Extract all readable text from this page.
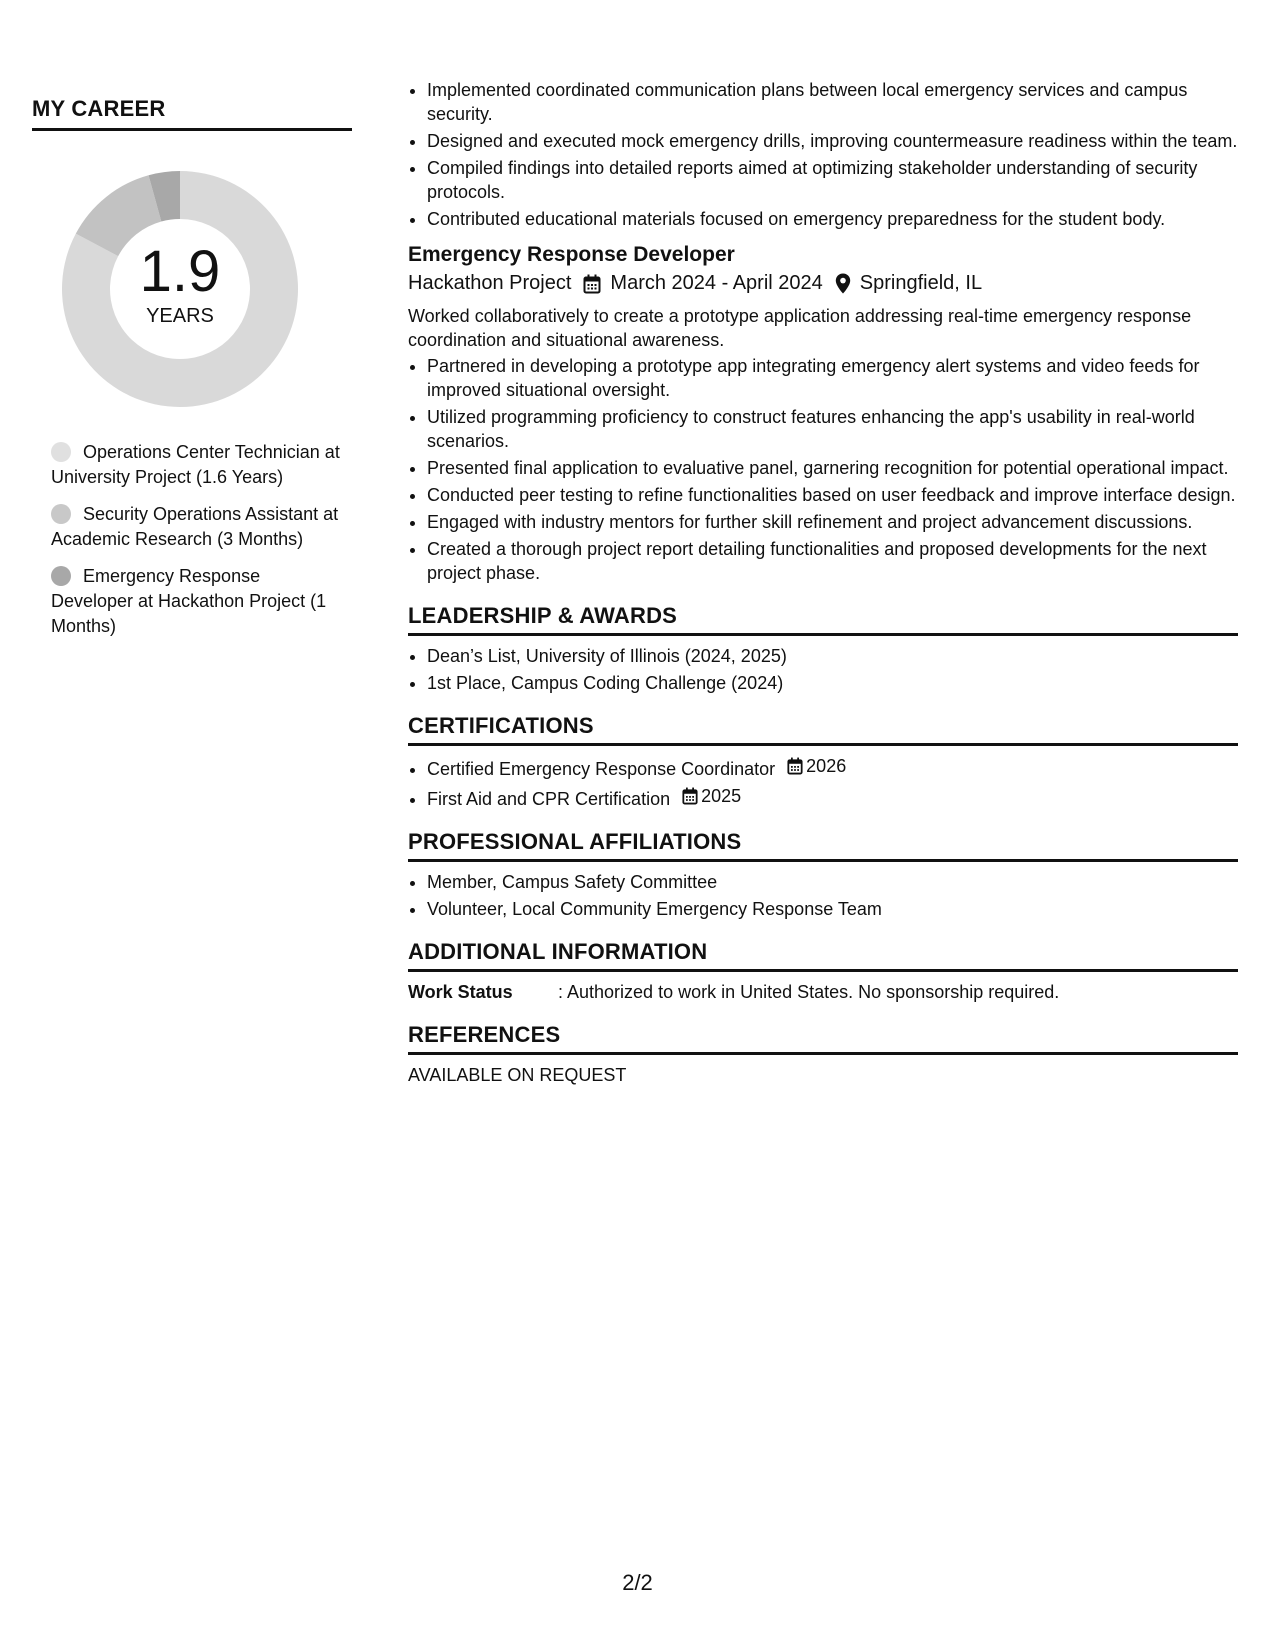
MY CAREER
1.9
YEARS
Operations Center Technician at University Project (1.6 Years)
Security Operations Assistant at Academic Research (3 Months)
Emergency Response Developer at Hackathon Project (1 Months)
• Implemented coordinated communication plans between local emergency services and campus security.
• Designed and executed mock emergency drills, improving countermeasure readiness within the team.
• Compiled findings into detailed reports aimed at optimizing stakeholder understanding of security protocols.
• Contributed educational materials focused on emergency preparedness for the student body.
Emergency Response Developer
Hackathon Project March 2024 - April 2024 Springfield, IL
Worked collaboratively to create a prototype application addressing real-time emergency response coordination and situational awareness.
• Partnered in developing a prototype app integrating emergency alert systems and video feeds for improved situational oversight.
• Utilized programming proficiency to construct features enhancing the app's usability in real-world scenarios.
• Presented final application to evaluative panel, garnering recognition for potential operational impact.
• Conducted peer testing to refine functionalities based on user feedback and improve interface design.
• Engaged with industry mentors for further skill refinement and project advancement discussions.
• Created a thorough project report detailing functionalities and proposed developments for the next project phase.
LEADERSHIP & AWARDS
• Dean’s List, University of Illinois (2024, 2025)
• 1st Place, Campus Coding Challenge (2024)
CERTIFICATIONS
• Certified Emergency Response Coordinator 2026
• First Aid and CPR Certification 2025
PROFESSIONAL AFFILIATIONS
• Member, Campus Safety Committee
• Volunteer, Local Community Emergency Response Team
ADDITIONAL INFORMATION
Work Status	: Authorized to work in United States. No sponsorship required.
REFERENCES
AVAILABLE ON REQUEST
2/2
